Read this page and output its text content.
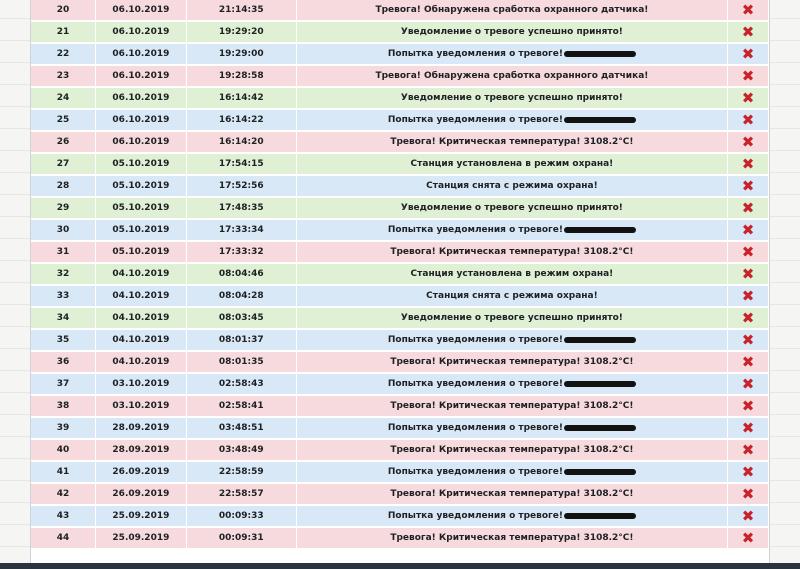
20	06.10.2019	21:14:35	Тревога! Обнаружена сработка охранного датчика!	✖
21	06.10.2019	19:29:20	Уведомление о тревоге успешно принято!	✖
22	06.10.2019	19:29:00	Попытка уведомления о тревоге!	✖
23	06.10.2019	19:28:58	Тревога! Обнаружена сработка охранного датчика!	✖
24	06.10.2019	16:14:42	Уведомление о тревоге успешно принято!	✖
25	06.10.2019	16:14:22	Попытка уведомления о тревоге!	✖
26	06.10.2019	16:14:20	Тревога! Критическая температура! 3108.2°C!	✖
27	05.10.2019	17:54:15	Станция установлена в режим охрана!	✖
28	05.10.2019	17:52:56	Станция снята с режима охрана!	✖
29	05.10.2019	17:48:35	Уведомление о тревоге успешно принято!	✖
30	05.10.2019	17:33:34	Попытка уведомления о тревоге!	✖
31	05.10.2019	17:33:32	Тревога! Критическая температура! 3108.2°C!	✖
32	04.10.2019	08:04:46	Станция установлена в режим охрана!	✖
33	04.10.2019	08:04:28	Станция снята с режима охрана!	✖
34	04.10.2019	08:03:45	Уведомление о тревоге успешно принято!	✖
35	04.10.2019	08:01:37	Попытка уведомления о тревоге!	✖
36	04.10.2019	08:01:35	Тревога! Критическая температура! 3108.2°C!	✖
37	03.10.2019	02:58:43	Попытка уведомления о тревоге!	✖
38	03.10.2019	02:58:41	Тревога! Критическая температура! 3108.2°C!	✖
39	28.09.2019	03:48:51	Попытка уведомления о тревоге!	✖
40	28.09.2019	03:48:49	Тревога! Критическая температура! 3108.2°C!	✖
41	26.09.2019	22:58:59	Попытка уведомления о тревоге!	✖
42	26.09.2019	22:58:57	Тревога! Критическая температура! 3108.2°C!	✖
43	25.09.2019	00:09:33	Попытка уведомления о тревоге!	✖
44	25.09.2019	00:09:31	Тревога! Критическая температура! 3108.2°C!	✖
